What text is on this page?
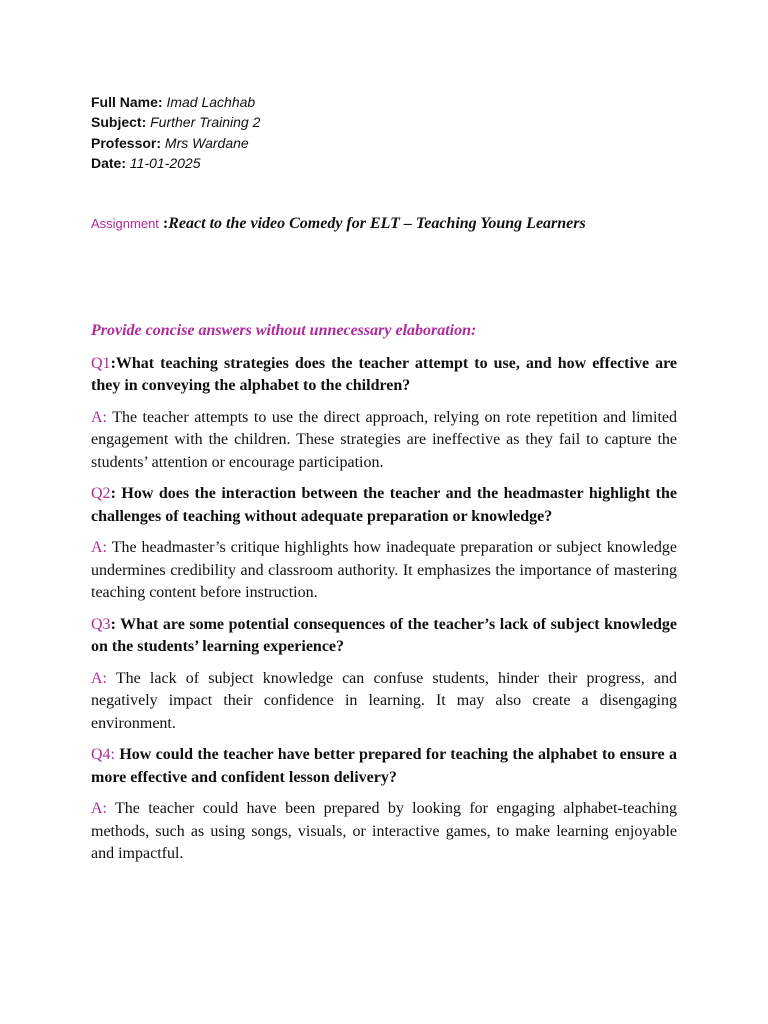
Full Name: Imad Lachhab
Subject: Further Training 2
Professor: Mrs Wardane
Date: 11-01-2025
Assignment :React to the video Comedy for ELT – Teaching Young Learners
Provide concise answers without unnecessary elaboration:
Q1:What teaching strategies does the teacher attempt to use, and how effective are they in conveying the alphabet to the children?
A: The teacher attempts to use the direct approach, relying on rote repetition and limited engagement with the children. These strategies are ineffective as they fail to capture the students’ attention or encourage participation.
Q2: How does the interaction between the teacher and the headmaster highlight the challenges of teaching without adequate preparation or knowledge?
A: The headmaster’s critique highlights how inadequate preparation or subject knowledge undermines credibility and classroom authority. It emphasizes the importance of mastering teaching content before instruction.
Q3: What are some potential consequences of the teacher’s lack of subject knowledge on the students’ learning experience?
A: The lack of subject knowledge can confuse students, hinder their progress, and negatively impact their confidence in learning. It may also create a disengaging environment.
Q4: How could the teacher have better prepared for teaching the alphabet to ensure a more effective and confident lesson delivery?
A: The teacher could have been prepared by looking for engaging alphabet-teaching methods, such as using songs, visuals, or interactive games, to make learning enjoyable and impactful.
